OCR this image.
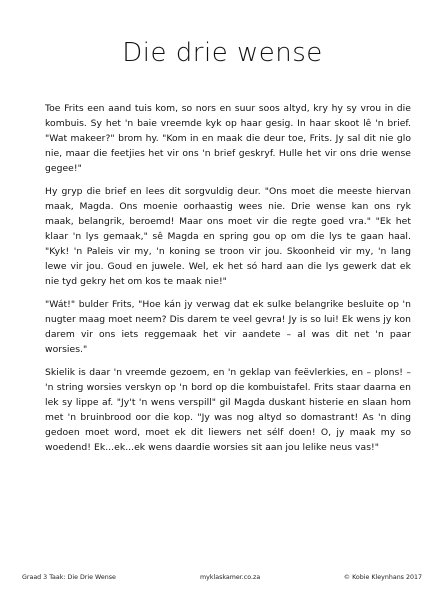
Die drie wense

Toe Frits een aand tuis kom, so nors en suur soos altyd, kry hy sy vrou in die kombuis. Sy het 'n baie vreemde kyk op haar gesig. In haar skoot lê 'n brief. "Wat makeer?" brom hy. "Kom in en maak die deur toe, Frits. Jy sal dit nie glo nie, maar die feetjies het vir ons 'n brief geskryf. Hulle het vir ons drie wense gegee!"

Hy gryp die brief en lees dit sorgvuldig deur. "Ons moet die meeste hiervan maak, Magda. Ons moenie oorhaastig wees nie. Drie wense kan ons ryk maak, belangrik, beroemd! Maar ons moet vir die regte goed vra." "Ek het klaar 'n lys gemaak," sê Magda en spring gou op om die lys te gaan haal. "Kyk! 'n Paleis vir my, 'n koning se troon vir jou. Skoonheid vir my, 'n lang lewe vir jou. Goud en juwele. Wel, ek het só hard aan die lys gewerk dat ek nie tyd gekry het om kos te maak nie!"

"Wát!" bulder Frits, "Hoe kán jy verwag dat ek sulke belangrike besluite op 'n nugter maag moet neem? Dis darem te veel gevra! Jy is so lui! Ek wens jy kon darem vir ons iets reggemaak het vir aandete – al was dit net 'n paar worsies."

Skielik is daar 'n vreemde gezoem, en 'n geklap van feëvlerkies, en – plons! – 'n string worsies verskyn op 'n bord op die kombuistafel. Frits staar daarna en lek sy lippe af. "Jy't 'n wens verspill" gil Magda duskant histerie en slaan hom met 'n bruinbrood oor die kop. "Jy was nog altyd so domastrant! As 'n ding gedoen moet word, moet ek dit liewers net sélf doen! O, jy maak my so woedend! Ek...ek...ek wens daardie worsies sit aan jou lelike neus vas!"

Graad 3 Taak: Die Drie Wense	myklaskamer.co.za	© Kobie Kleynhans 2017
